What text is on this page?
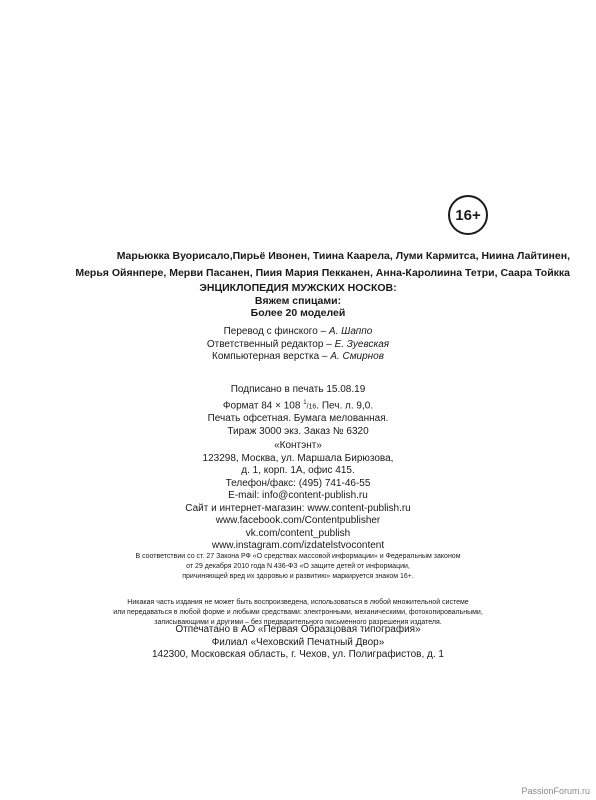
16+
Марьюкка Вуорисало,Пирьё Ивонен, Тиина Каарела, Луми Кармитса, Ниина Лайтинен,
Мерья Ойянпере, Мерви Пасанен, Пиия Мария Пекканен, Анна-Каролиина Тетри, Саара Тойкка
ЭНЦИКЛОПЕДИЯ МУЖСКИХ НОСКОВ:
Вяжем спицами:
Более 20 моделей
Перевод с финского – А. Шаппо
Ответственный редактор – Е. Зуевская
Компьютерная верстка – А. Смирнов
Подписано в печать 15.08.19
Формат 84 × 108 $^1$/16. Печ. л. 9,0.
Печать офсетная. Бумага мелованная.
Тираж 3000 экз. Заказ № 6320
«Контэнт»
123298, Москва, ул. Маршала Бирюзова,
д. 1, корп. 1А, офис 415.
Телефон/факс: (495) 741-46-55
E-mail: info@content-publish.ru
Сайт и интернет-магазин: www.content-publish.ru
www.facebook.com/Contentpublisher
vk.com/content_publish
www.instagram.com/izdatelstvocontent
В соответствии со ст. 27 Закона РФ «О средствах массовой информации» и Федеральным законом
от 29 декабря 2010 года N 436-ФЗ «О защите детей от информации,
причиняющей вред их здоровью и развитию» маркируется знаком 16+.
Никакая часть издания не может быть воспроизведена, использоваться в любой множительной системе
или передаваться в любой форме и любыми средствами: электронными, механическими, фотокопировальными,
записывающими и другими – без предварительного письменного разрешения издателя.
Отпечатано в АО «Первая Образцовая типография»
Филиал «Чеховский Печатный Двор»
142300, Московская область, г. Чехов, ул. Полиграфистов, д. 1
PassionForum.ru
